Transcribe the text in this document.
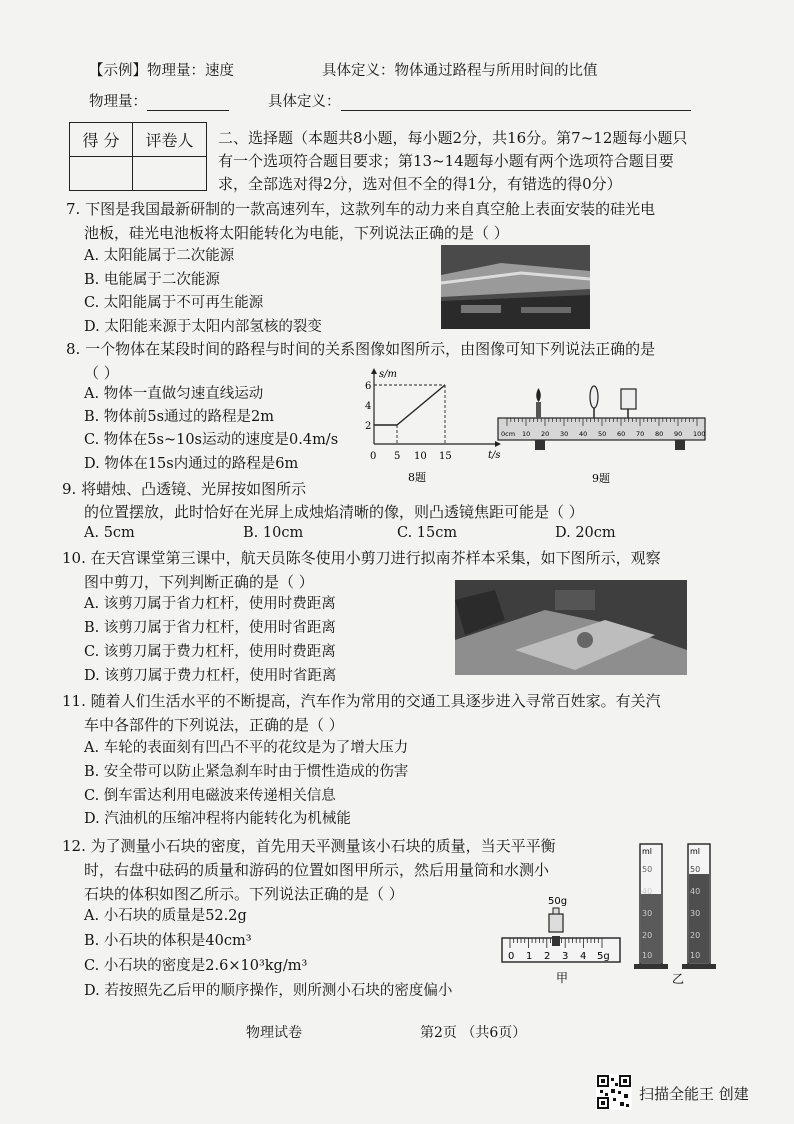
【示例】物理量：速度	具体定义：物体通过路程与所用时间的比值
物理量：	具体定义：
得 分	评卷人
	二、选择题（本题共8小题，每小题2分，共16分。第7~12题每小题只
有一个选项符合题目要求；第13~14题每小题有两个选项符合题目要
求，全部选对得2分，选对但不全的得1分，有错选的得0分）
7. 下图是我国最新研制的一款高速列车，这款列车的动力来自真空舱上表面安装的硅光电
池板，硅光电池板将太阳能转化为电能，下列说法正确的是（ ）
A. 太阳能属于二次能源
B. 电能属于二次能源
C. 太阳能属于不可再生能源
D. 太阳能来源于太阳内部氢核的裂变
8. 一个物体在某段时间的路程与时间的关系图像如图所示，由图像可知下列说法正确的是
（ ）
A. 物体一直做匀速直线运动
B. 物体前5s通过的路程是2m
C. 物体在5s~10s运动的速度是0.4m/s
D. 物体在15s内通过的路程是6m
s/m
t/s
2
4
6
0 5 10 15
8题
0cm 10 20 30 40 50 60 70 80 90 100
9题
9. 将蜡烛、凸透镜、光屏按如图所示
的位置摆放，此时恰好在光屏上成烛焰清晰的像，则凸透镜焦距可能是（ ）
A. 5cm	B. 10cm	C. 15cm	D. 20cm
10. 在天宫课堂第三课中，航天员陈冬使用小剪刀进行拟南芥样本采集，如下图所示，观察
图中剪刀，下列判断正确的是（ ）
A. 该剪刀属于省力杠杆，使用时费距离
B. 该剪刀属于省力杠杆，使用时省距离
C. 该剪刀属于费力杠杆，使用时费距离
D. 该剪刀属于费力杠杆，使用时省距离
11. 随着人们生活水平的不断提高，汽车作为常用的交通工具逐步进入寻常百姓家。有关汽
车中各部件的下列说法，正确的是（ ）
A. 车轮的表面刻有凹凸不平的花纹是为了增大压力
B. 安全带可以防止紧急刹车时由于惯性造成的伤害
C. 倒车雷达利用电磁波来传递相关信息
D. 汽油机的压缩冲程将内能转化为机械能
12. 为了测量小石块的密度，首先用天平测量该小石块的质量，当天平平衡
时，右盘中砝码的质量和游码的位置如图甲所示，然后用量筒和水测小
石块的体积如图乙所示。下列说法正确的是（ ）
A. 小石块的质量是52.2g
B. 小石块的体积是40cm³
C. 小石块的密度是2.6×10³kg/m³
D. 若按照先乙后甲的顺序操作，则所测小石块的密度偏小
50g
0 1 2 3 4 5g
甲
ml
50
40
30
20
10
ml
50
40
30
20
10
乙
物理试卷	第2页 （共6页）
扫描全能王 创建
